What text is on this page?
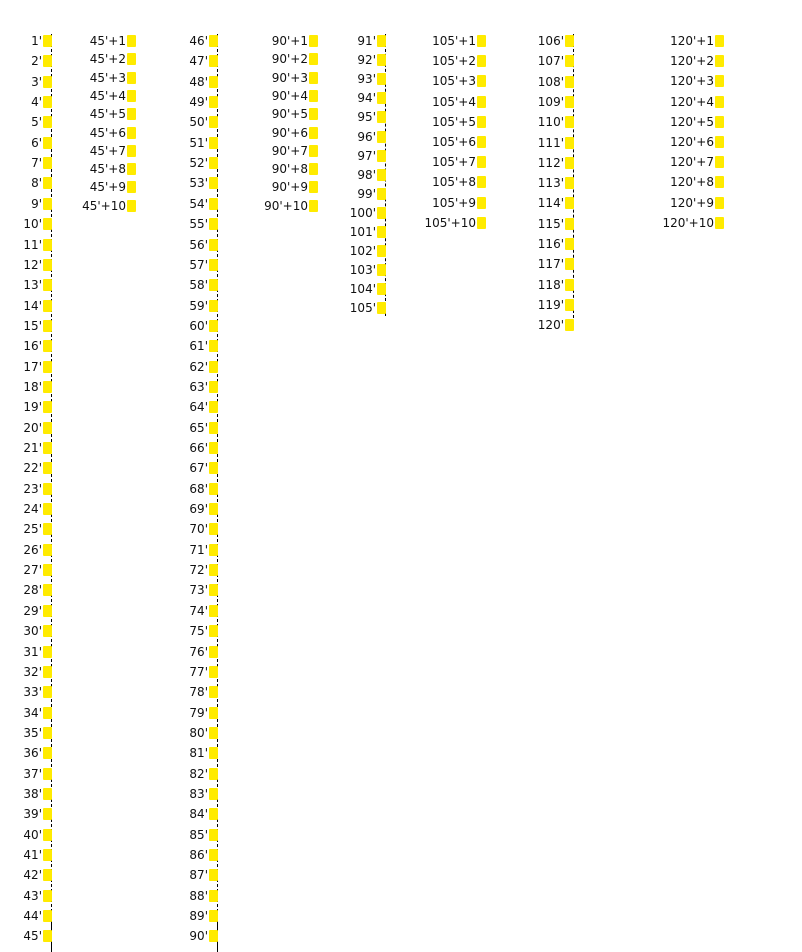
1'
2'
3'
4'
5'
6'
7'
8'
9'
10'
11'
12'
13'
14'
15'
16'
17'
18'
19'
20'
21'
22'
23'
24'
25'
26'
27'
28'
29'
30'
31'
32'
33'
34'
35'
36'
37'
38'
39'
40'
41'
42'
43'
44'
45'
45'+1
45'+2
45'+3
45'+4
45'+5
45'+6
45'+7
45'+8
45'+9
45'+10
46'
47'
48'
49'
50'
51'
52'
53'
54'
55'
56'
57'
58'
59'
60'
61'
62'
63'
64'
65'
66'
67'
68'
69'
70'
71'
72'
73'
74'
75'
76'
77'
78'
79'
80'
81'
82'
83'
84'
85'
86'
87'
88'
89'
90'
90'+1
90'+2
90'+3
90'+4
90'+5
90'+6
90'+7
90'+8
90'+9
90'+10
91'
92'
93'
94'
95'
96'
97'
98'
99'
100'
101'
102'
103'
104'
105'
105'+1
105'+2
105'+3
105'+4
105'+5
105'+6
105'+7
105'+8
105'+9
105'+10
106'
107'
108'
109'
110'
111'
112'
113'
114'
115'
116'
117'
118'
119'
120'
120'+1
120'+2
120'+3
120'+4
120'+5
120'+6
120'+7
120'+8
120'+9
120'+10
